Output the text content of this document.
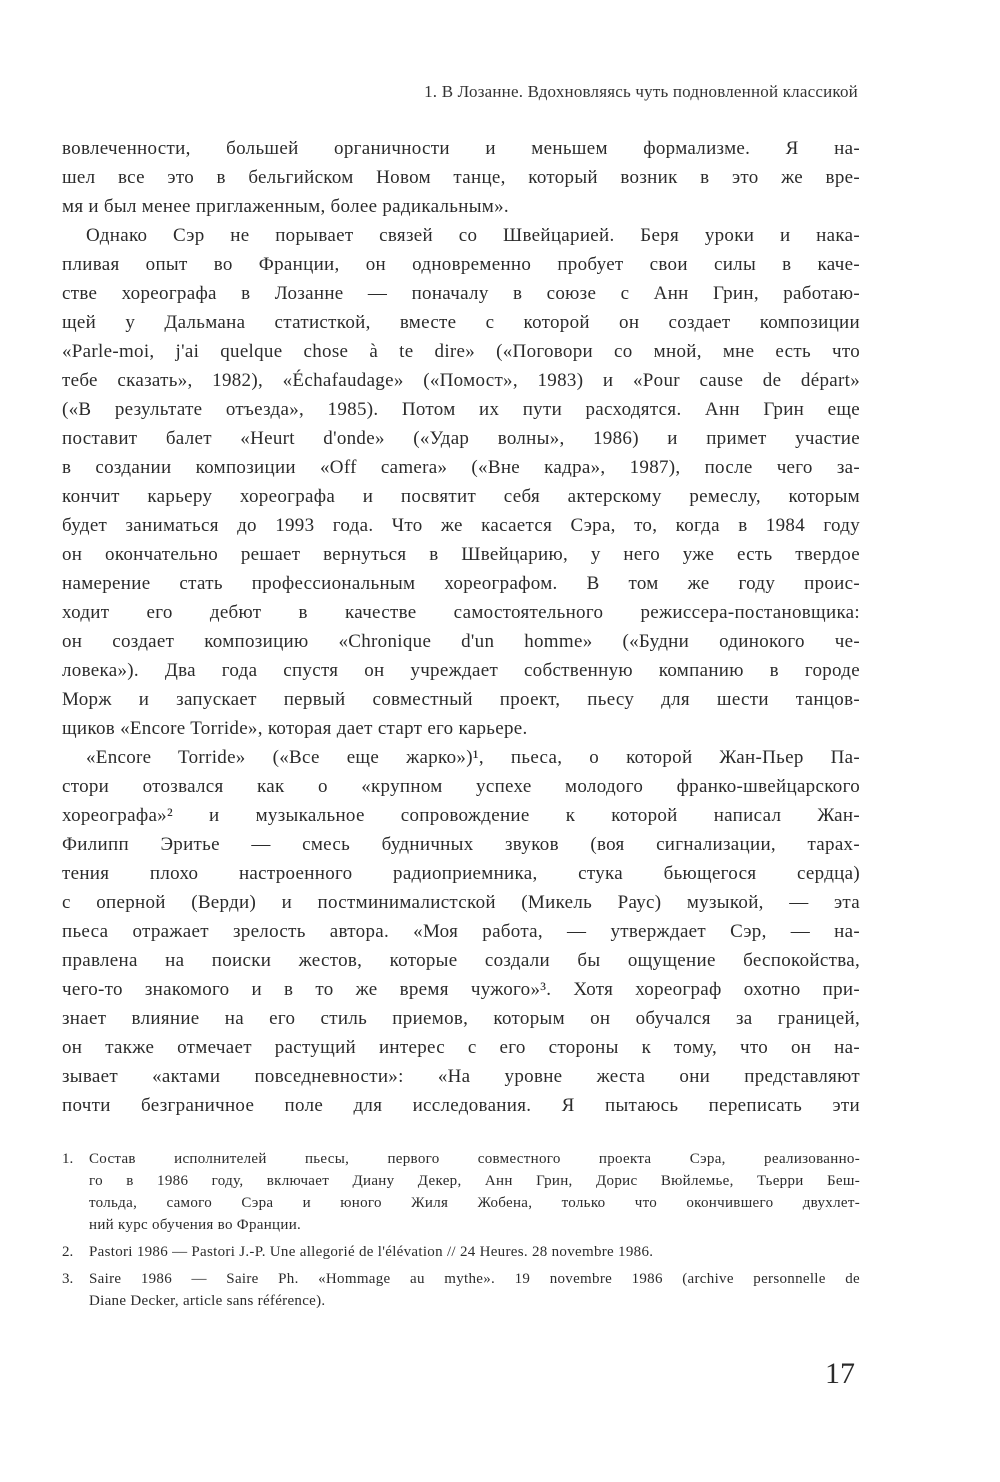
1. В Лозанне. Вдохновляясь чуть подновленной классикой
вовлеченности, большей органичности и меньшем формализме. Я на-
шел все это в бельгийском Новом танце, который возник в это же вре-
мя и был менее приглаженным, более радикальным».
Однако Сэр не порывает связей со Швейцарией. Беря уроки и нака-
пливая опыт во Франции, он одновременно пробует свои силы в каче-
стве хореографа в Лозанне — поначалу в союзе с Анн Грин, работаю-
щей у Дальмана статисткой, вместе с которой он создает композиции
«Parle-moi, j'ai quelque chose à te dire» («Поговори со мной, мне есть что
тебе сказать», 1982), «Échafaudage» («Помост», 1983) и «Pour cause de départ»
(«В результате отъезда», 1985). Потом их пути расходятся. Анн Грин еще
поставит балет «Heurt d'onde» («Удар волны», 1986) и примет участие
в создании композиции «Off camera» («Вне кадра», 1987), после чего за-
кончит карьеру хореографа и посвятит себя актерскому ремеслу, которым
будет заниматься до 1993 года. Что же касается Сэра, то, когда в 1984 году
он окончательно решает вернуться в Швейцарию, у него уже есть твердое
намерение стать профессиональным хореографом. В том же году проис-
ходит его дебют в качестве самостоятельного режиссера-постановщика:
он создает композицию «Chronique d'un homme» («Будни одинокого че-
ловека»). Два года спустя он учреждает собственную компанию в городе
Морж и запускает первый совместный проект, пьесу для шести танцов-
щиков «Encore Torride», которая дает старт его карьере.
«Encore Torride» («Все еще жарко»)¹, пьеса, о которой Жан-Пьер Па-
стори отозвался как о «крупном успехе молодого франко-швейцарского
хореографа»² и музыкальное сопровождение к которой написал Жан-
Филипп Эритье — смесь будничных звуков (воя сигнализации, тарах-
тения плохо настроенного радиоприемника, стука бьющегося сердца)
с оперной (Верди) и постминималистской (Микель Раус) музыкой, — эта
пьеса отражает зрелость автора. «Моя работа, — утверждает Сэр, — на-
правлена на поиски жестов, которые создали бы ощущение беспокойства,
чего-то знакомого и в то же время чужого»³. Хотя хореограф охотно при-
знает влияние на его стиль приемов, которым он обучался за границей,
он также отмечает растущий интерес с его стороны к тому, что он на-
зывает «актами повседневности»: «На уровне жеста они представляют
почти безграничное поле для исследования. Я пытаюсь переписать эти
1. Состав исполнителей пьесы, первого совместного проекта Сэра, реализованно-
го в 1986 году, включает Диану Декер, Анн Грин, Дорис Вюйлемье, Тьерри Беш-
тольда, самого Сэра и юного Жиля Жобена, только что окончившего двухлет-
ний курс обучения во Франции.
2. Pastori 1986 — Pastori J.-P. Une allegorié de l'élévation // 24 Heures. 28 novembre 1986.
3. Saire 1986 — Saire Ph. «Hommage au mythe». 19 novembre 1986 (archive personnelle de
Diane Decker, article sans référence).
17
